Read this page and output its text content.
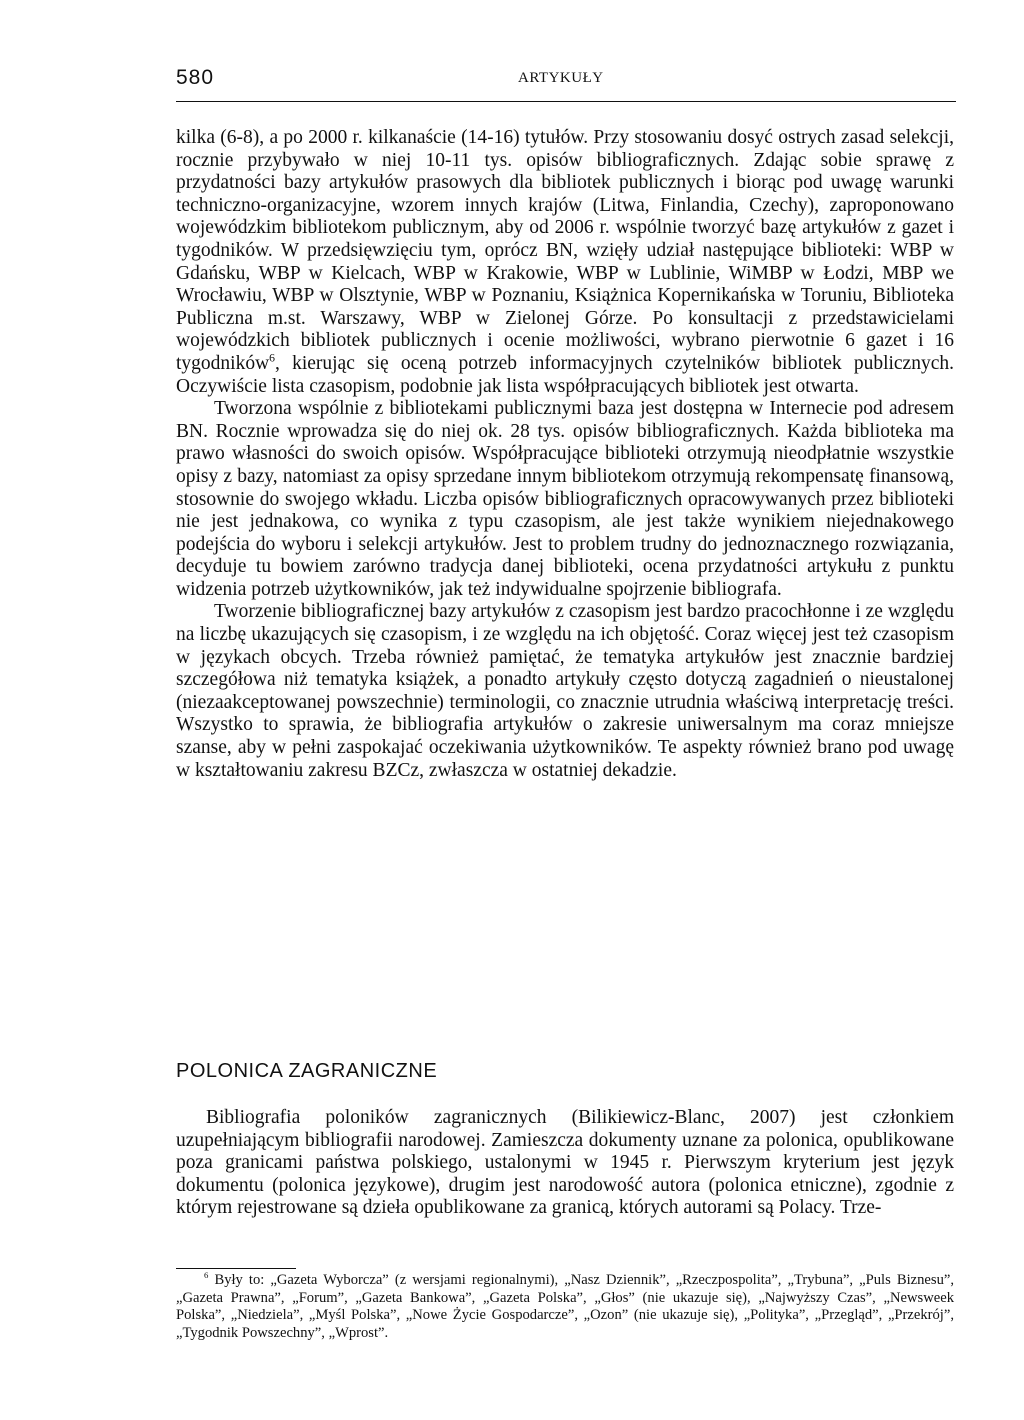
580	ARTYKUŁY

kilka (6-8), a po 2000 r. kilkanaście (14-16) tytułów. Przy stosowaniu dosyć ostrych zasad selekcji, rocznie przybywało w niej 10-11 tys. opisów bibliograficznych. Zdając sobie sprawę z przydatności bazy artykułów prasowych dla bibliotek publicznych i biorąc pod uwagę warunki techniczno-organizacyjne, wzorem innych krajów (Litwa, Finlandia, Czechy), zaproponowano wojewódzkim bibliotekom publicznym, aby od 2006 r. wspólnie tworzyć bazę artykułów z gazet i tygodników. W przedsięwzięciu tym, oprócz BN, wzięły udział następujące biblioteki: WBP w Gdańsku, WBP w Kielcach, WBP w Krakowie, WBP w Lublinie, WiMBP w Łodzi, MBP we Wrocławiu, WBP w Olsztynie, WBP w Poznaniu, Książnica Kopernikańska w Toruniu, Biblioteka Publiczna m.st. Warszawy, WBP w Zielonej Górze. Po konsultacji z przedstawicielami wojewódzkich bibliotek publicznych i ocenie możliwości, wybrano pierwotnie 6 gazet i 16 tygodników$^6$, kierując się oceną potrzeb informacyjnych czytelników bibliotek publicznych. Oczywiście lista czasopism, podobnie jak lista współpracujących bibliotek jest otwarta.

Tworzona wspólnie z bibliotekami publicznymi baza jest dostępna w Internecie pod adresem BN. Rocznie wprowadza się do niej ok. 28 tys. opisów bibliograficznych. Każda biblioteka ma prawo własności do swoich opisów. Współpracujące biblioteki otrzymują nieodpłatnie wszystkie opisy z bazy, natomiast za opisy sprzedane innym bibliotekom otrzymują rekompensatę finansową, stosownie do swojego wkładu. Liczba opisów bibliograficznych opracowywanych przez biblioteki nie jest jednakowa, co wynika z typu czasopism, ale jest także wynikiem niejednakowego podejścia do wyboru i selekcji artykułów. Jest to problem trudny do jednoznacznego rozwiązania, decyduje tu bowiem zarówno tradycja danej biblioteki, ocena przydatności artykułu z punktu widzenia potrzeb użytkowników, jak też indywidualne spojrzenie bibliografa.

Tworzenie bibliograficznej bazy artykułów z czasopism jest bardzo pracochłonne i ze względu na liczbę ukazujących się czasopism, i ze względu na ich objętość. Coraz więcej jest też czasopism w językach obcych. Trzeba również pamiętać, że tematyka artykułów jest znacznie bardziej szczegółowa niż tematyka książek, a ponadto artykuły często dotyczą zagadnień o nieustalonej (niezaakceptowanej powszechnie) terminologii, co znacznie utrudnia właściwą interpretację treści. Wszystko to sprawia, że bibliografia artykułów o zakresie uniwersalnym ma coraz mniejsze szanse, aby w pełni zaspokajać oczekiwania użytkowników. Te aspekty również brano pod uwagę w kształtowaniu zakresu BZCz, zwłaszcza w ostatniej dekadzie.

POLONICA ZAGRANICZNE

Bibliografia poloników zagranicznych (Bilikiewicz-Blanc, 2007) jest członkiem uzupełniającym bibliografii narodowej. Zamieszcza dokumenty uznane za polonica, opublikowane poza granicami państwa polskiego, ustalonymi w 1945 r. Pierwszym kryterium jest język dokumentu (polonica językowe), drugim jest narodowość autora (polonica etniczne), zgodnie z którym rejestrowane są dzieła opublikowane za granicą, których autorami są Polacy. Trze-

$^6$ Były to: „Gazeta Wyborcza” (z wersjami regionalnymi), „Nasz Dziennik”, „Rzeczpospolita”, „Trybuna”, „Puls Biznesu”, „Gazeta Prawna”, „Forum”, „Gazeta Bankowa”, „Gazeta Polska”, „Głos” (nie ukazuje się), „Najwyższy Czas”, „Newsweek Polska”, „Niedziela”, „Myśl Polska”, „Nowe Życie Gospodarcze”, „Ozon” (nie ukazuje się), „Polityka”, „Przegląd”, „Przekrój”, „Tygodnik Powszechny”, „Wprost”.
